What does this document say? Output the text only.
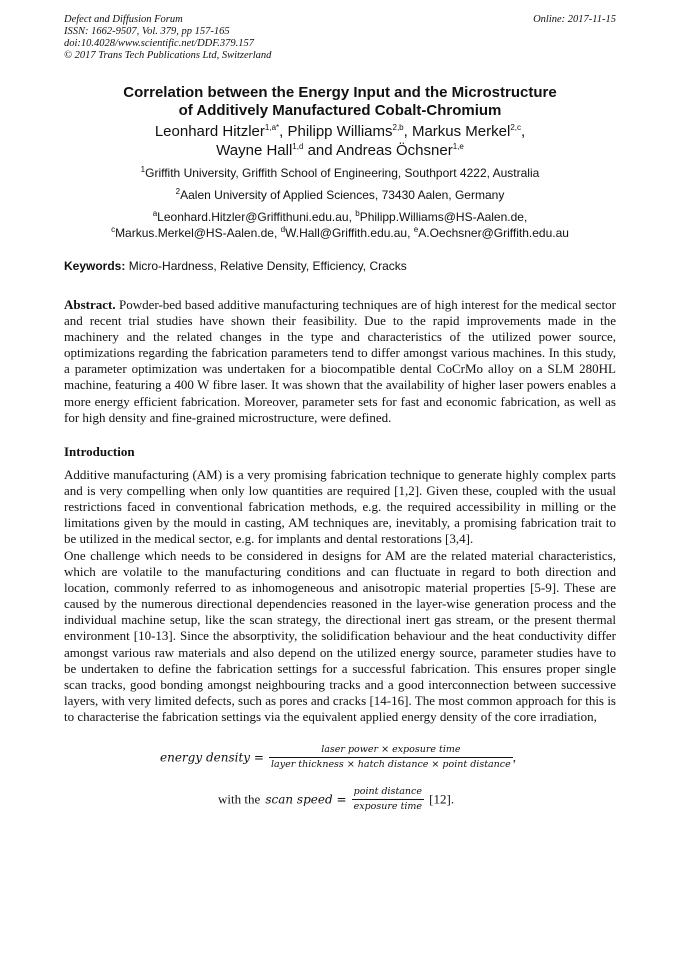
Defect and Diffusion Forum
ISSN: 1662-9507, Vol. 379, pp 157-165
doi:10.4028/www.scientific.net/DDF.379.157
© 2017 Trans Tech Publications Ltd, Switzerland
Online: 2017-11-15
Correlation between the Energy Input and the Microstructure
of Additively Manufactured Cobalt-Chromium
Leonhard Hitzler$^{1,a*}$, Philipp Williams$^{2,b}$, Markus Merkel$^{2,c}$,
Wayne Hall$^{1,d}$ and Andreas Öchsner$^{1,e}$
$^1$Griffith University, Griffith School of Engineering, Southport 4222, Australia
$^2$Aalen University of Applied Sciences, 73430 Aalen, Germany
$^a$Leonhard.Hitzler@Griffithuni.edu.au, $^b$Philipp.Williams@HS-Aalen.de,
$^c$Markus.Merkel@HS-Aalen.de, $^d$W.Hall@Griffith.edu.au, $^e$A.Oechsner@Griffith.edu.au
Keywords: Micro-Hardness, Relative Density, Efficiency, Cracks
Abstract. Powder-bed based additive manufacturing techniques are of high interest for the medical sector and recent trial studies have shown their feasibility. Due to the rapid improvements made in the machinery and the related changes in the type and characteristics of the utilized power source, optimizations regarding the fabrication parameters tend to differ amongst various machines. In this study, a parameter optimization was undertaken for a biocompatible dental CoCrMo alloy on a SLM 280HL machine, featuring a 400 W fibre laser. It was shown that the availability of higher laser powers enables a more energy efficient fabrication. Moreover, parameter sets for fast and economic fabrication, as well as for high density and fine-grained microstructure, were defined.
Introduction
Additive manufacturing (AM) is a very promising fabrication technique to generate highly complex parts and is very compelling when only low quantities are required [1,2]. Given these, coupled with the usual restrictions faced in conventional fabrication methods, e.g. the required accessibility in milling or the limitations given by the mould in casting, AM techniques are, inevitably, a promising fabrication trait to be utilized in the medical sector, e.g. for implants and dental restorations [3,4].
One challenge which needs to be considered in designs for AM are the related material characteristics, which are volatile to the manufacturing conditions and can fluctuate in regard to both direction and location, commonly referred to as inhomogeneous and anisotropic material properties [5-9]. These are caused by the numerous directional dependencies reasoned in the layer-wise generation process and the individual machine setup, like the scan strategy, the directional inert gas stream, or the present thermal environment [10-13]. Since the absorptivity, the solidification behaviour and the heat conductivity differ amongst various raw materials and also depend on the utilized energy source, parameter studies have to be undertaken to define the fabrication settings for a successful fabrication. This ensures proper single scan tracks, good bonding amongst neighbouring tracks and a good interconnection between successive layers, with very limited defects, such as pores and cracks [14-16]. The most common approach for this is to characterise the fabrication settings via the equivalent applied energy density of the core irradiation,
energy density = $\frac{\text{laser power × exposure time}}{\text{layer thickness × hatch distance × point distance}}$ ,
with the scan speed = $\frac{\text{point distance}}{\text{exposure time}} [12]$.
